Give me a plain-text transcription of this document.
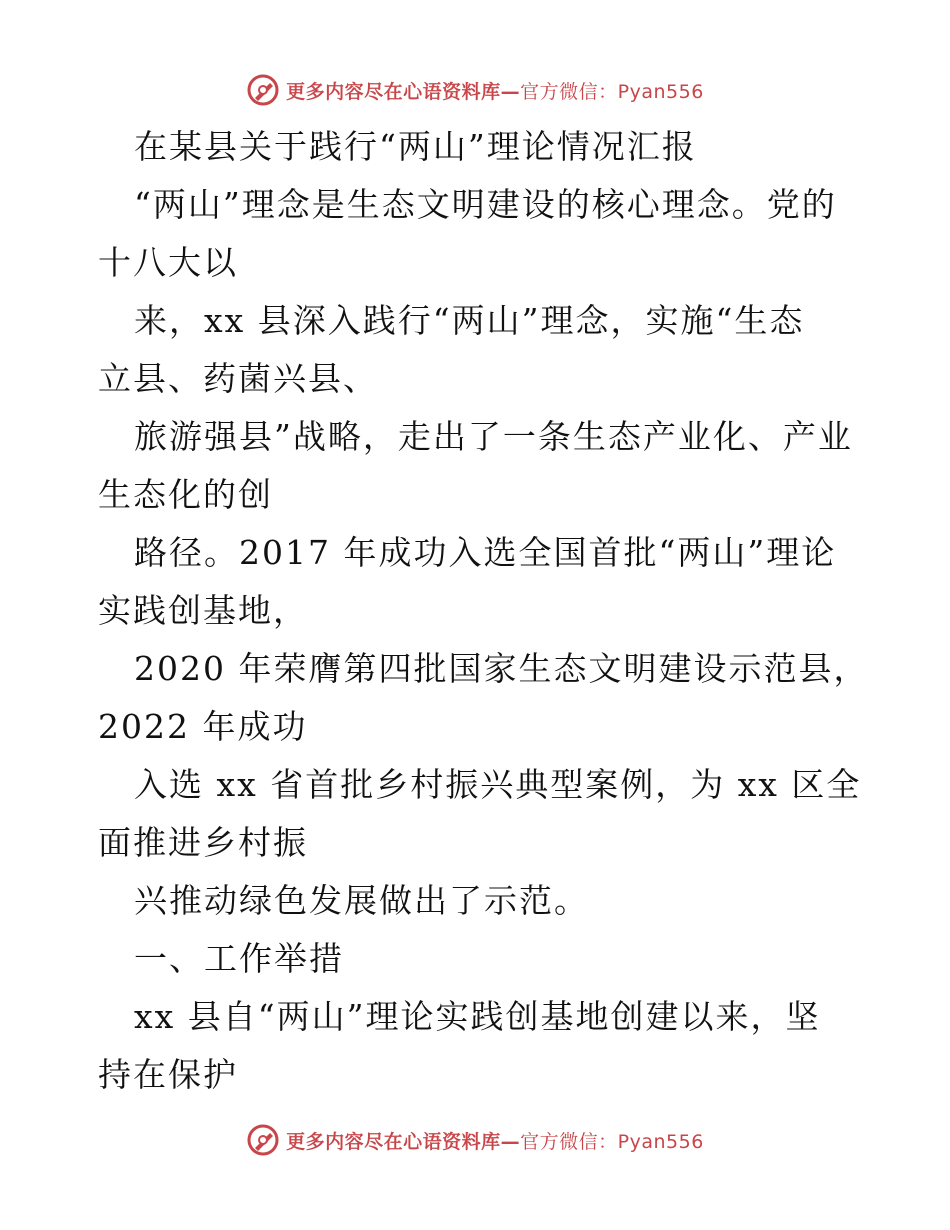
更多内容尽在心语资料库—官方微信：Pyan556
在某县关于践行“两山”理论情况汇报
“两山”理念是生态文明建设的核心理念。党的
十八大以
来，xx 县深入践行“两山”理念，实施“生态
立县、药菌兴县、
旅游强县”战略，走出了一条生态产业化、产业
生态化的创
路径。2017 年成功入选全国首批“两山”理论
实践创基地，
2020 年荣膺第四批国家生态文明建设示范县，
2022 年成功
入选 xx 省首批乡村振兴典型案例，为 xx 区全
面推进乡村振
兴推动绿色发展做出了示范。
一、工作举措
xx 县自“两山”理论实践创基地创建以来，坚
持在保护
更多内容尽在心语资料库—官方微信：Pyan556
